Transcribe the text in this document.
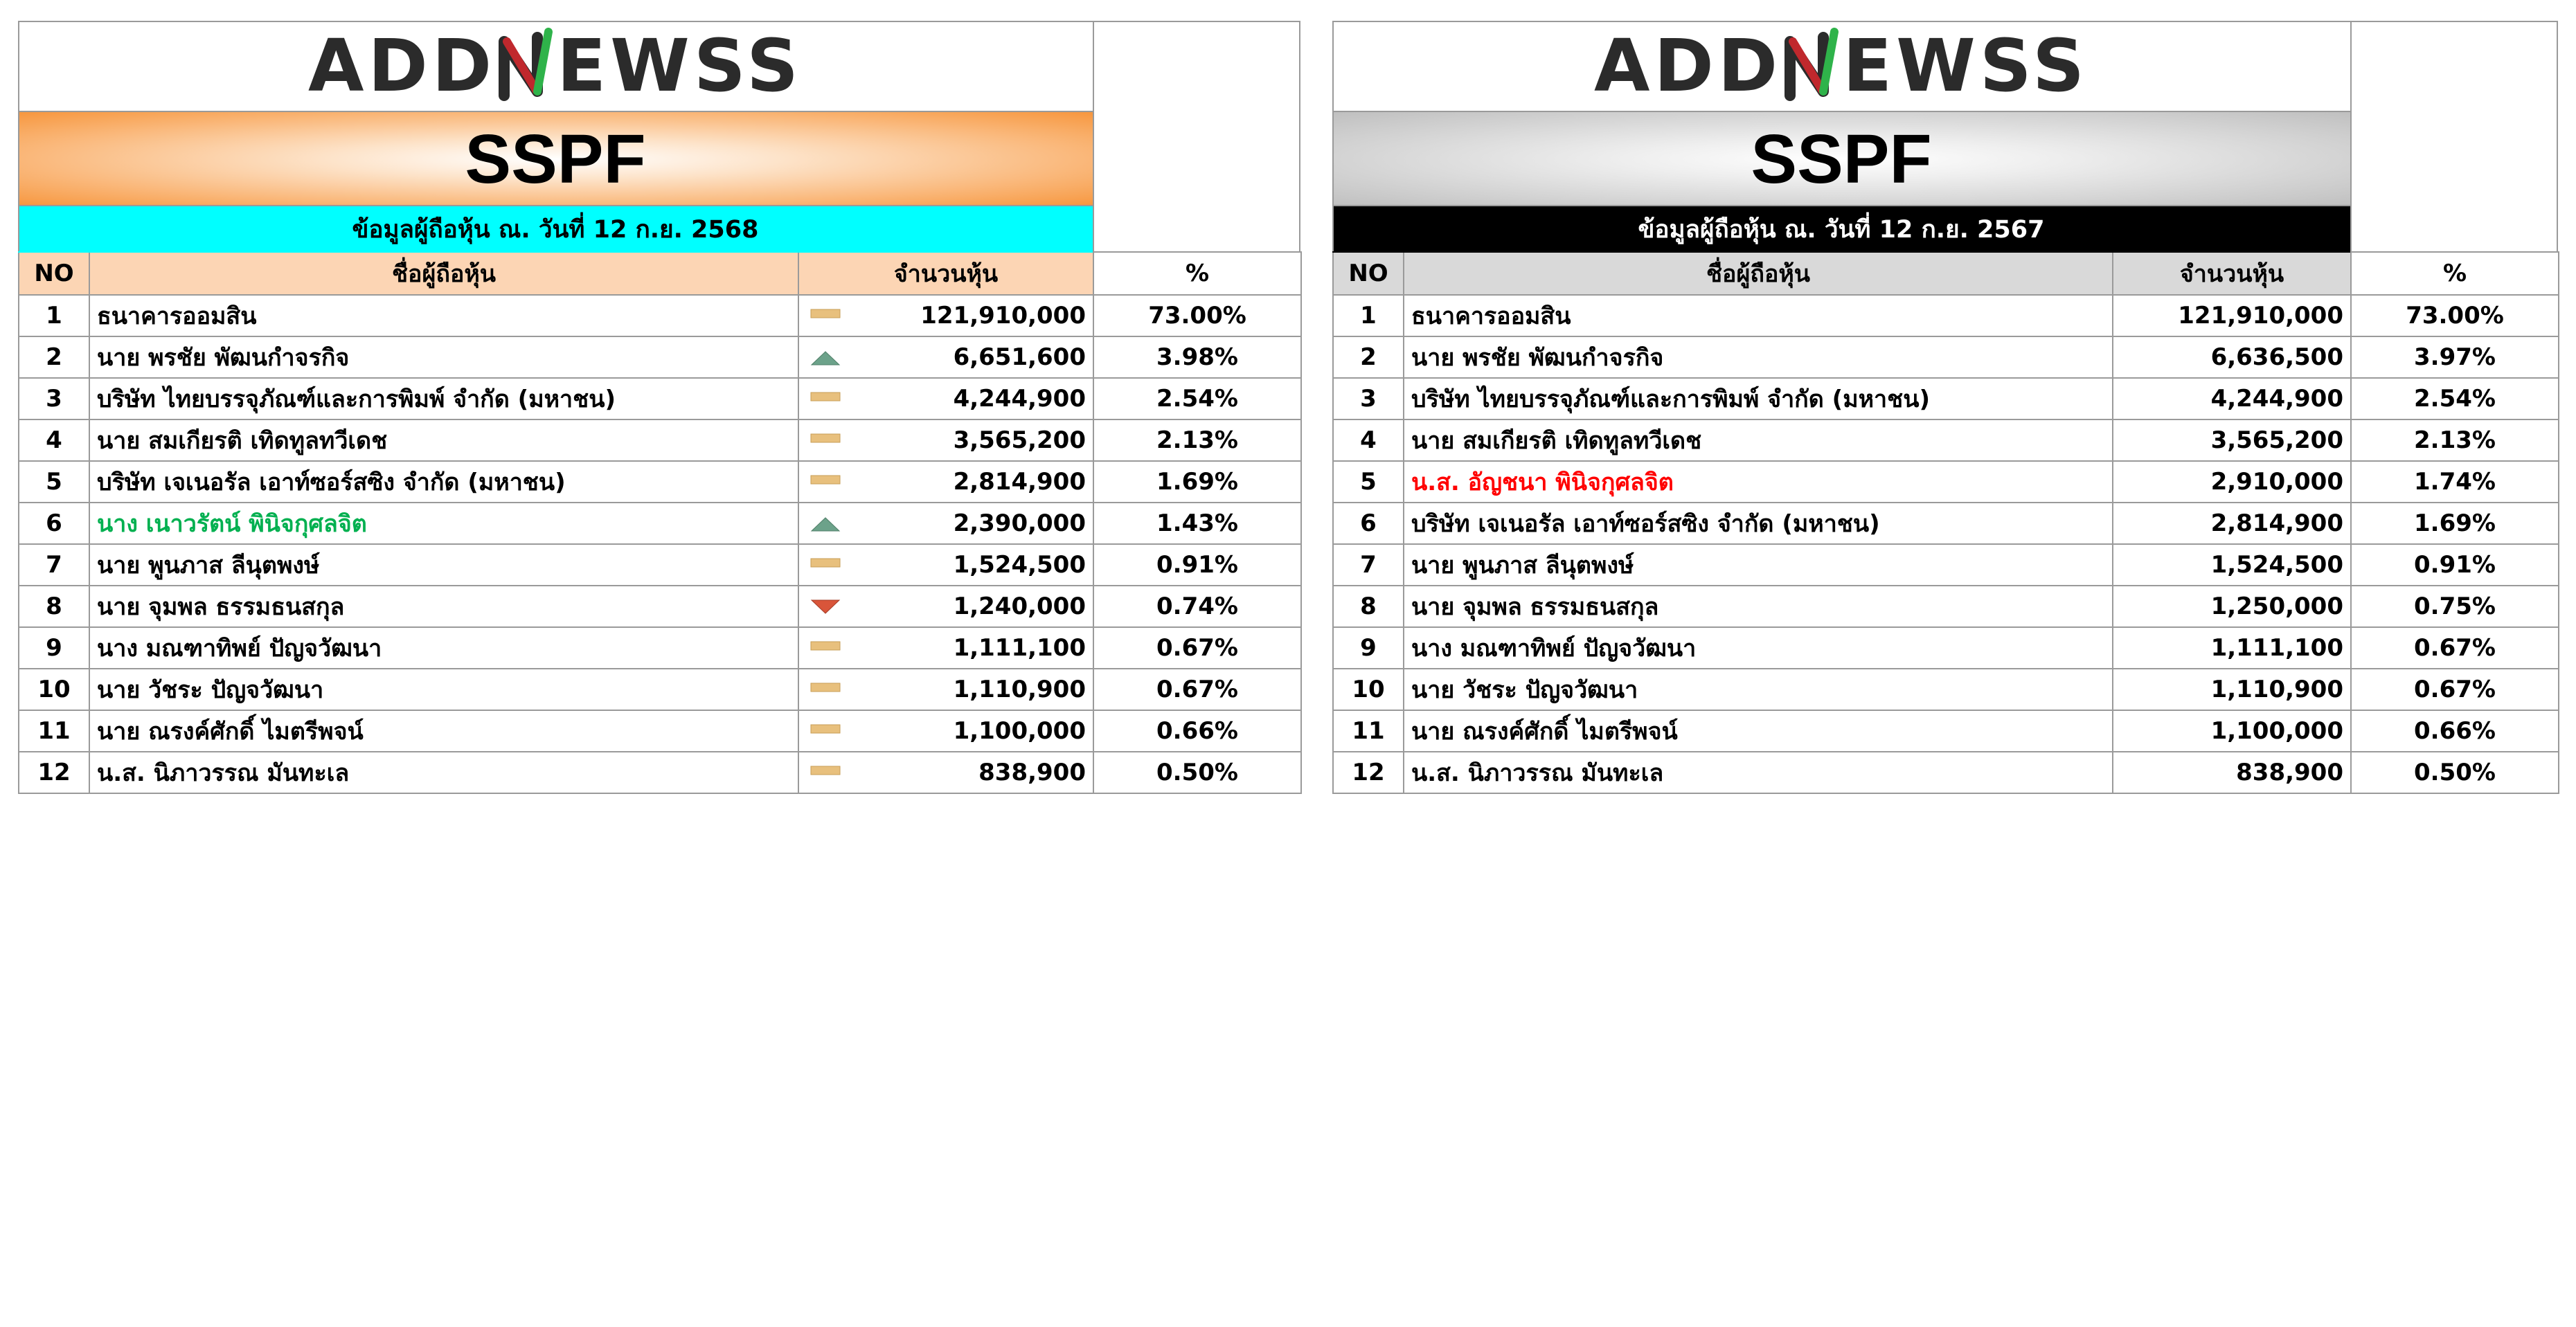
ADD EWSS
SSPF
ข้อมูลผู้ถือหุ้น ณ. วันที่ 12 ก.ย. 2568
NO	ชื่อผู้ถือหุ้น	จำนวนหุ้น	%
1	ธนาคารออมสิน	121,910,000	73.00%
2	นาย พรชัย พัฒนกำจรกิจ	6,651,600	3.98%
3	บริษัท ไทยบรรจุภัณฑ์และการพิมพ์ จำกัด (มหาชน)	4,244,900	2.54%
4	นาย สมเกียรติ เทิดทูลทวีเดช	3,565,200	2.13%
5	บริษัท เจเนอรัล เอาท์ซอร์สซิง จำกัด (มหาชน)	2,814,900	1.69%
6	นาง เนาวรัตน์ พินิจกุศลจิต	2,390,000	1.43%
7	นาย พูนภาส ลีนุตพงษ์	1,524,500	0.91%
8	นาย จุมพล ธรรมธนสกุล	1,240,000	0.74%
9	นาง มณฑาทิพย์ ปัญจวัฒนา	1,111,100	0.67%
10	นาย วัชระ ปัญจวัฒนา	1,110,900	0.67%
11	นาย ณรงค์ศักดิ์ ไมตรีพจน์	1,100,000	0.66%
12	น.ส. นิภาวรรณ มันทะเล	838,900	0.50%
ADD EWSS
SSPF
ข้อมูลผู้ถือหุ้น ณ. วันที่ 12 ก.ย. 2567
NO	ชื่อผู้ถือหุ้น	จำนวนหุ้น	%
1	ธนาคารออมสิน	121,910,000	73.00%
2	นาย พรชัย พัฒนกำจรกิจ	6,636,500	3.97%
3	บริษัท ไทยบรรจุภัณฑ์และการพิมพ์ จำกัด (มหาชน)	4,244,900	2.54%
4	นาย สมเกียรติ เทิดทูลทวีเดช	3,565,200	2.13%
5	น.ส. อัญชนา พินิจกุศลจิต	2,910,000	1.74%
6	บริษัท เจเนอรัล เอาท์ซอร์สซิง จำกัด (มหาชน)	2,814,900	1.69%
7	นาย พูนภาส ลีนุตพงษ์	1,524,500	0.91%
8	นาย จุมพล ธรรมธนสกุล	1,250,000	0.75%
9	นาง มณฑาทิพย์ ปัญจวัฒนา	1,111,100	0.67%
10	นาย วัชระ ปัญจวัฒนา	1,110,900	0.67%
11	นาย ณรงค์ศักดิ์ ไมตรีพจน์	1,100,000	0.66%
12	น.ส. นิภาวรรณ มันทะเล	838,900	0.50%
